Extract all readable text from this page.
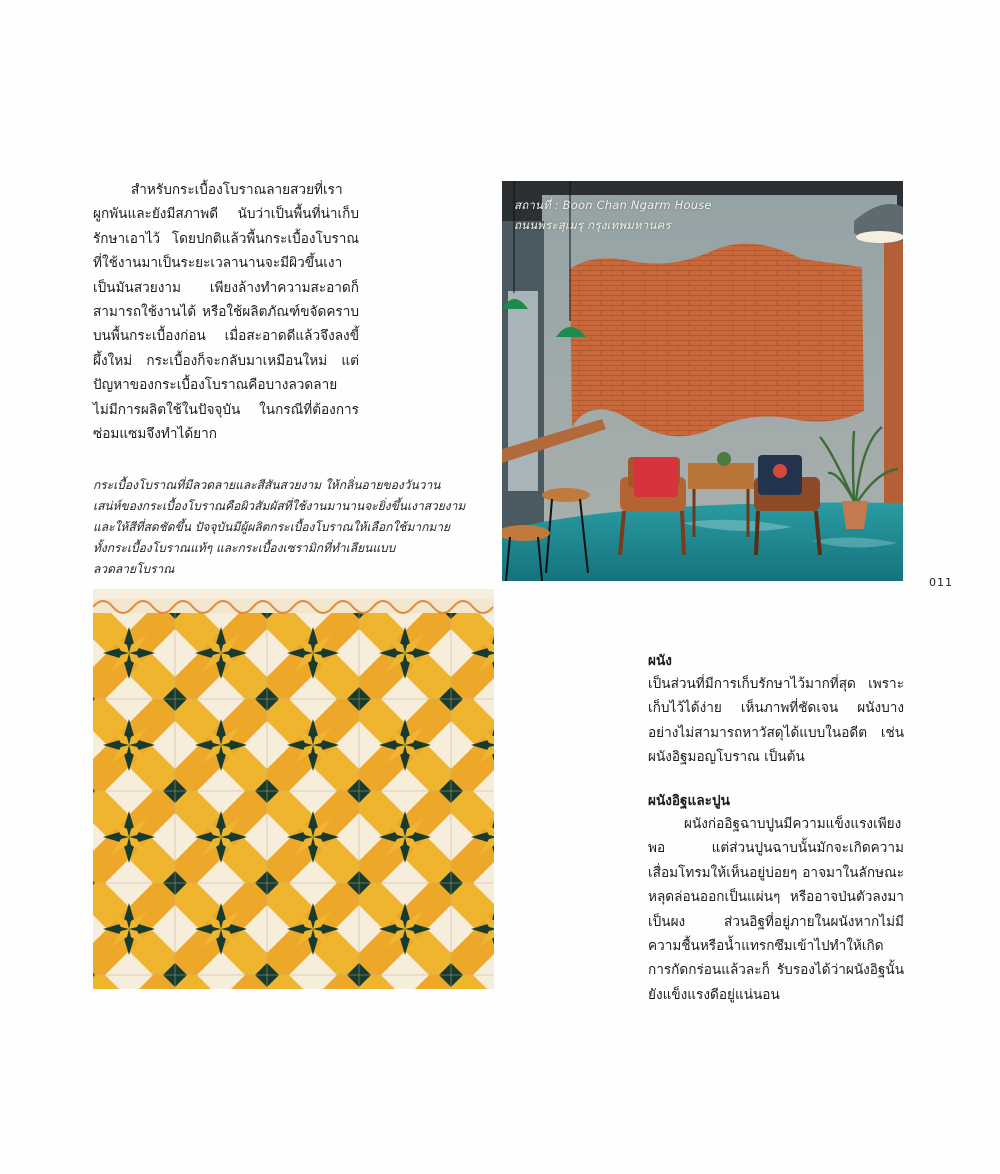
สำหรับกระเบื้องโบราณลายสวยที่เราผูกพันและยังมีสภาพดี นับว่าเป็นพื้นที่น่าเก็บรักษาเอาไว้ โดยปกติแล้วพื้นกระเบื้องโบราณที่ใช้งานมาเป็นระยะเวลานานจะมีผิวขึ้นเงาเป็นมันสวยงาม เพียงล้างทำความสะอาดก็สามารถใช้งานได้ หรือใช้ผลิตภัณฑ์ขจัดคราบบนพื้นกระเบื้องก่อน เมื่อสะอาดดีแล้วจึงลงขี้ผึ้งใหม่ กระเบื้องก็จะกลับมาเหมือนใหม่ แต่ปัญหาของกระเบื้องโบราณคือบางลวดลายไม่มีการผลิตใช้ในปัจจุบัน ในกรณีที่ต้องการซ่อมแซมจึงทำได้ยาก

กระเบื้องโบราณที่มีลวดลายและสีสันสวยงาม ให้กลิ่นอายของวันวาน
เสน่ห์ของกระเบื้องโบราณคือผิวสัมผัสที่ใช้งานมานานจะยิ่งขึ้นเงาสวยงาม
และให้สีที่สดชัดขึ้น ปัจจุบันมีผู้ผลิตกระเบื้องโบราณให้เลือกใช้มากมาย
ทั้งกระเบื้องโบราณแท้ๆ และกระเบื้องเซรามิกที่ทำเลียนแบบ
ลวดลายโบราณ
สถานที่ : Boon Chan Ngarm House
ถนนพระสุเมรุ กรุงเทพมหานคร
011
ผนัง
เป็นส่วนที่มีการเก็บรักษาไว้มากที่สุด เพราะเก็บไว้ได้ง่าย เห็นภาพที่ชัดเจน ผนังบางอย่างไม่สามารถหาวัสดุได้แบบในอดีต เช่น ผนังอิฐมอญโบราณ เป็นต้น
ผนังอิฐและปูน

ผนังก่ออิฐฉาบปูนมีความแข็งแรงเพียงพอ แต่ส่วนปูนฉาบนั้นมักจะเกิดความเสื่อมโทรมให้เห็นอยู่บ่อยๆ อาจมาในลักษณะหลุดล่อนออกเป็นแผ่นๆ หรืออาจป่นตัวลงมาเป็นผง ส่วนอิฐที่อยู่ภายในผนังหากไม่มีความชื้นหรือน้ำแทรกซึมเข้าไปทำให้เกิดการกัดกร่อนแล้วละก็ รับรองได้ว่าผนังอิฐนั้นยังแข็งแรงดีอยู่แน่นอน
